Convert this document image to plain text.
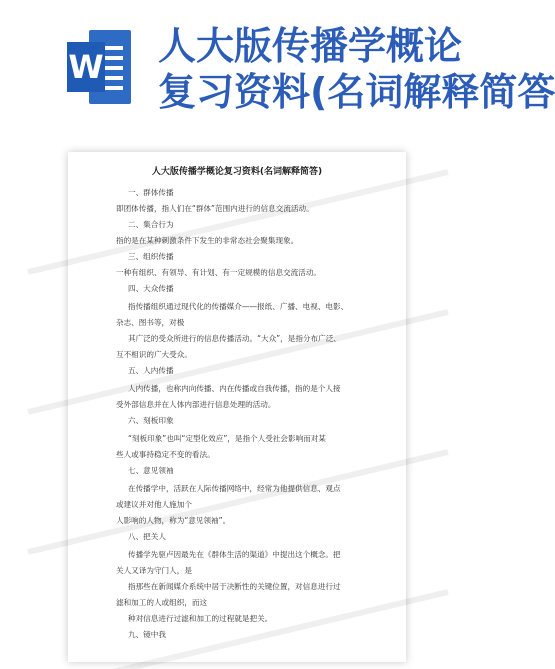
W 人大版传播学概论
复习资料(名词解释简答
人大版传播学概论复习资料(名词解释简答)
一、群体传播
即团体传播，指人们在“群体”范围内进行的信息交流活动。
二、集合行为
指的是在某种刺激条件下发生的非常态社会聚集现象。
三、组织传播
一种有组织、有领导、有计划、有一定规模的信息交流活动。
四、大众传播
指传播组织通过现代化的传播媒介——报纸、广播、电视、电影、
杂志、图书等，对极
其广泛的受众所进行的信息传播活动。“大众”，是指分布广泛、
互不相识的广大受众。
五、人内传播
人内传播，也称内向传播、内在传播或自我传播，指的是个人接
受外部信息并在人体内部进行信息处理的活动。
六、刻板印象
“刻板印象”也叫“定型化效应”，是指个人受社会影响而对某
些人或事持稳定不变的看法。
七、意见领袖
在传播学中，活跃在人际传播网络中，经常为他提供信息、观点
或建议并对他人施加个
人影响的人物，称为“意见领袖”。
八、把关人
传播学先驱卢因最先在《群体生活的渠道》中提出这个概念。把
关人又译为守门人，是
指那些在新闻媒介系统中居于决断性的关键位置，对信息进行过
滤和加工的人或组织，而这
种对信息进行过滤和加工的过程就是把关。
九、镜中我
